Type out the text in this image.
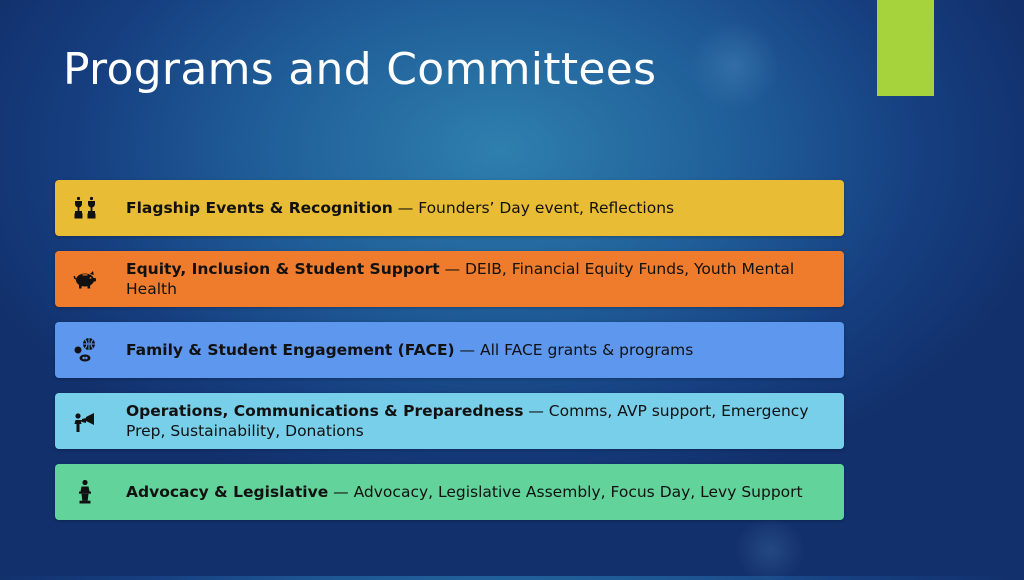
Programs and Committees
Flagship Events & Recognition — Founders’ Day event, Reflections
Equity, Inclusion & Student Support — DEIB, Financial Equity Funds, Youth Mental Health
Family & Student Engagement (FACE) — All FACE grants & programs
Operations, Communications & Preparedness — Comms, AVP support, Emergency Prep, Sustainability, Donations
Advocacy & Legislative — Advocacy, Legislative Assembly, Focus Day, Levy Support
